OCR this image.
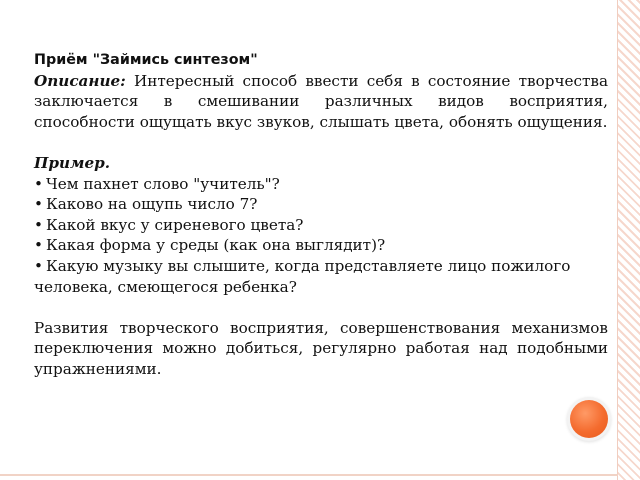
Приём "Займись синтезом"

Описание: Интересный способ ввести себя в состояние творчества заключается в смешивании различных видов восприятия, способности ощущать вкус звуков, слышать цвета, обонять ощущения.

Пример.

• Чем пахнет слово "учитель"?
• Каково на ощупь число 7?
• Какой вкус у сиреневого цвета?
• Какая форма у среды (как она выглядит)?
• Какую музыку вы слышите, когда представляете лицо пожилого человека, смеющегося ребенка?

Развития творческого восприятия, совершенствования механизмов переключения можно добиться, регулярно работая над подобными упражнениями.
